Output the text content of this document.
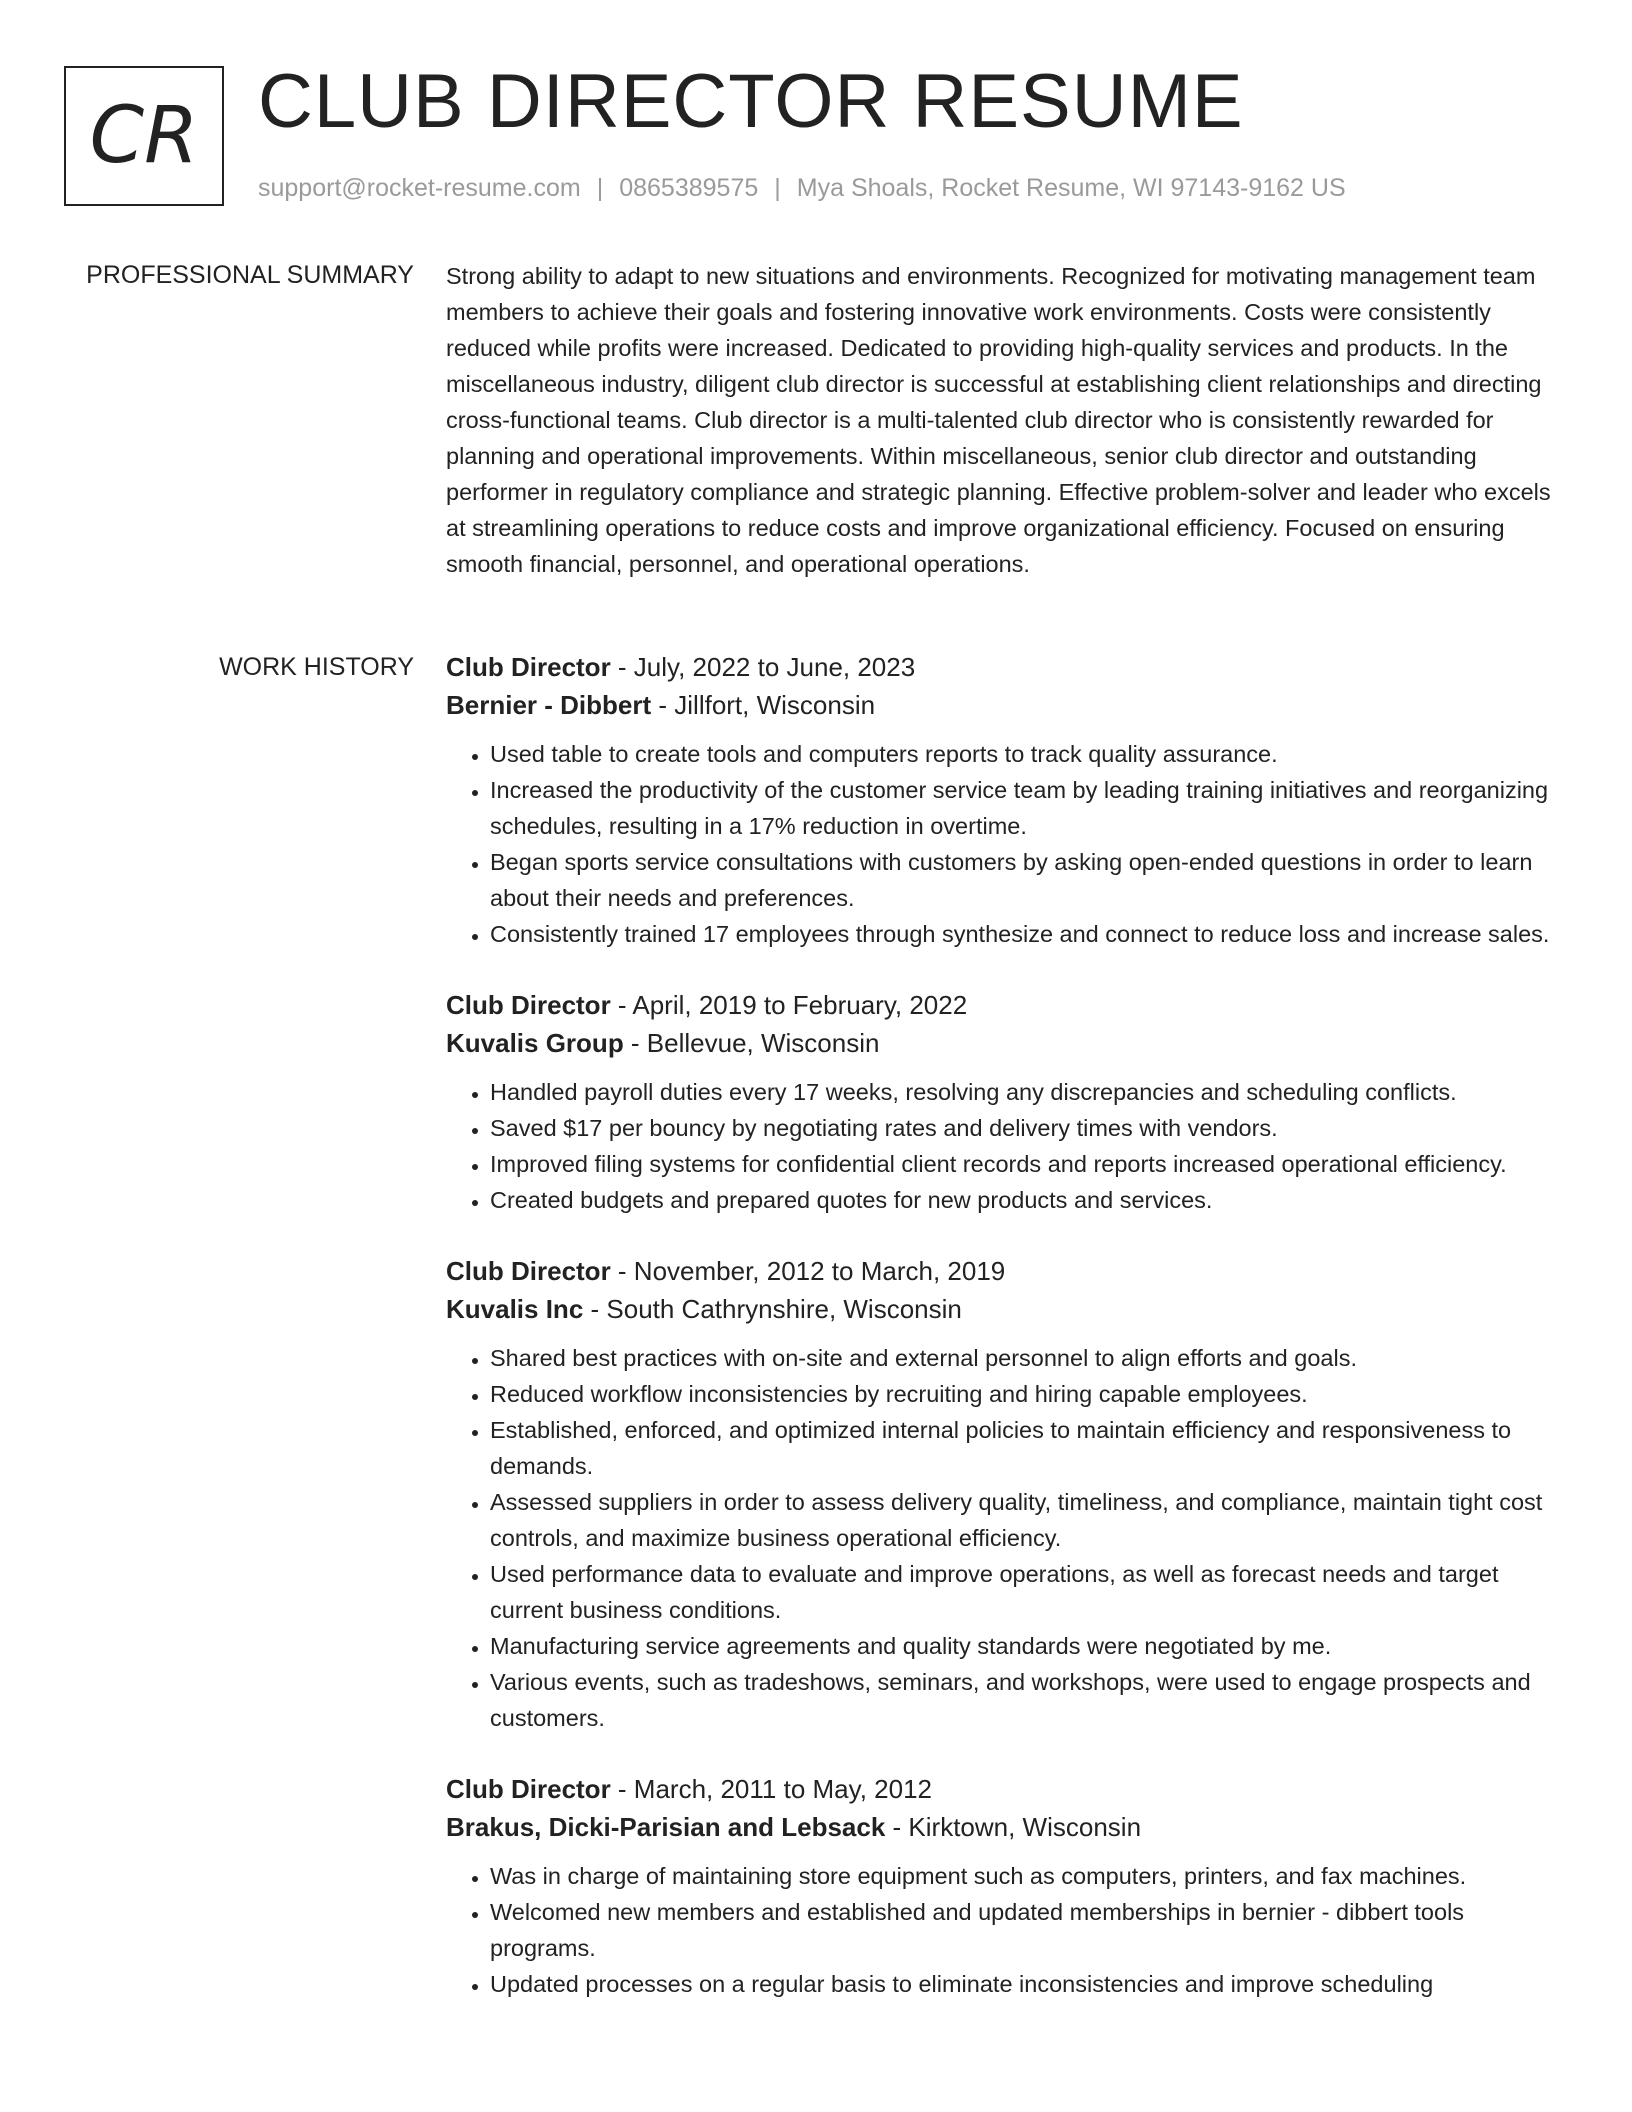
CR CLUB DIRECTOR RESUME
support@rocket-resume.com | 0865389575 | Mya Shoals, Rocket Resume, WI 97143-9162 US
PROFESSIONAL SUMMARY Strong ability to adapt to new situations and environments. Recognized for motivating management team members to achieve their goals and fostering innovative work environments. Costs were consistently reduced while profits were increased. Dedicated to providing high-quality services and products. In the miscellaneous industry, diligent club director is successful at establishing client relationships and directing cross-functional teams. Club director is a multi-talented club director who is consistently rewarded for planning and operational improvements. Within miscellaneous, senior club director and outstanding performer in regulatory compliance and strategic planning. Effective problem-solver and leader who excels at streamlining operations to reduce costs and improve organizational efficiency. Focused on ensuring smooth financial, personnel, and operational operations.
WORK HISTORY Club Director - July, 2022 to June, 2023
Bernier - Dibbert - Jillfort, Wisconsin
• Used table to create tools and computers reports to track quality assurance.
• Increased the productivity of the customer service team by leading training initiatives and reorganizing schedules, resulting in a 17% reduction in overtime.
• Began sports service consultations with customers by asking open-ended questions in order to learn about their needs and preferences.
• Consistently trained 17 employees through synthesize and connect to reduce loss and increase sales.
Club Director - April, 2019 to February, 2022
Kuvalis Group - Bellevue, Wisconsin
• Handled payroll duties every 17 weeks, resolving any discrepancies and scheduling conflicts.
• Saved $17 per bouncy by negotiating rates and delivery times with vendors.
• Improved filing systems for confidential client records and reports increased operational efficiency.
• Created budgets and prepared quotes for new products and services.
Club Director - November, 2012 to March, 2019
Kuvalis Inc - South Cathrynshire, Wisconsin
• Shared best practices with on-site and external personnel to align efforts and goals.
• Reduced workflow inconsistencies by recruiting and hiring capable employees.
• Established, enforced, and optimized internal policies to maintain efficiency and responsiveness to demands.
• Assessed suppliers in order to assess delivery quality, timeliness, and compliance, maintain tight cost controls, and maximize business operational efficiency.
• Used performance data to evaluate and improve operations, as well as forecast needs and target current business conditions.
• Manufacturing service agreements and quality standards were negotiated by me.
• Various events, such as tradeshows, seminars, and workshops, were used to engage prospects and customers.
Club Director - March, 2011 to May, 2012
Brakus, Dicki-Parisian and Lebsack - Kirktown, Wisconsin
• Was in charge of maintaining store equipment such as computers, printers, and fax machines.
• Welcomed new members and established and updated memberships in bernier - dibbert tools programs.
• Updated processes on a regular basis to eliminate inconsistencies and improve scheduling
